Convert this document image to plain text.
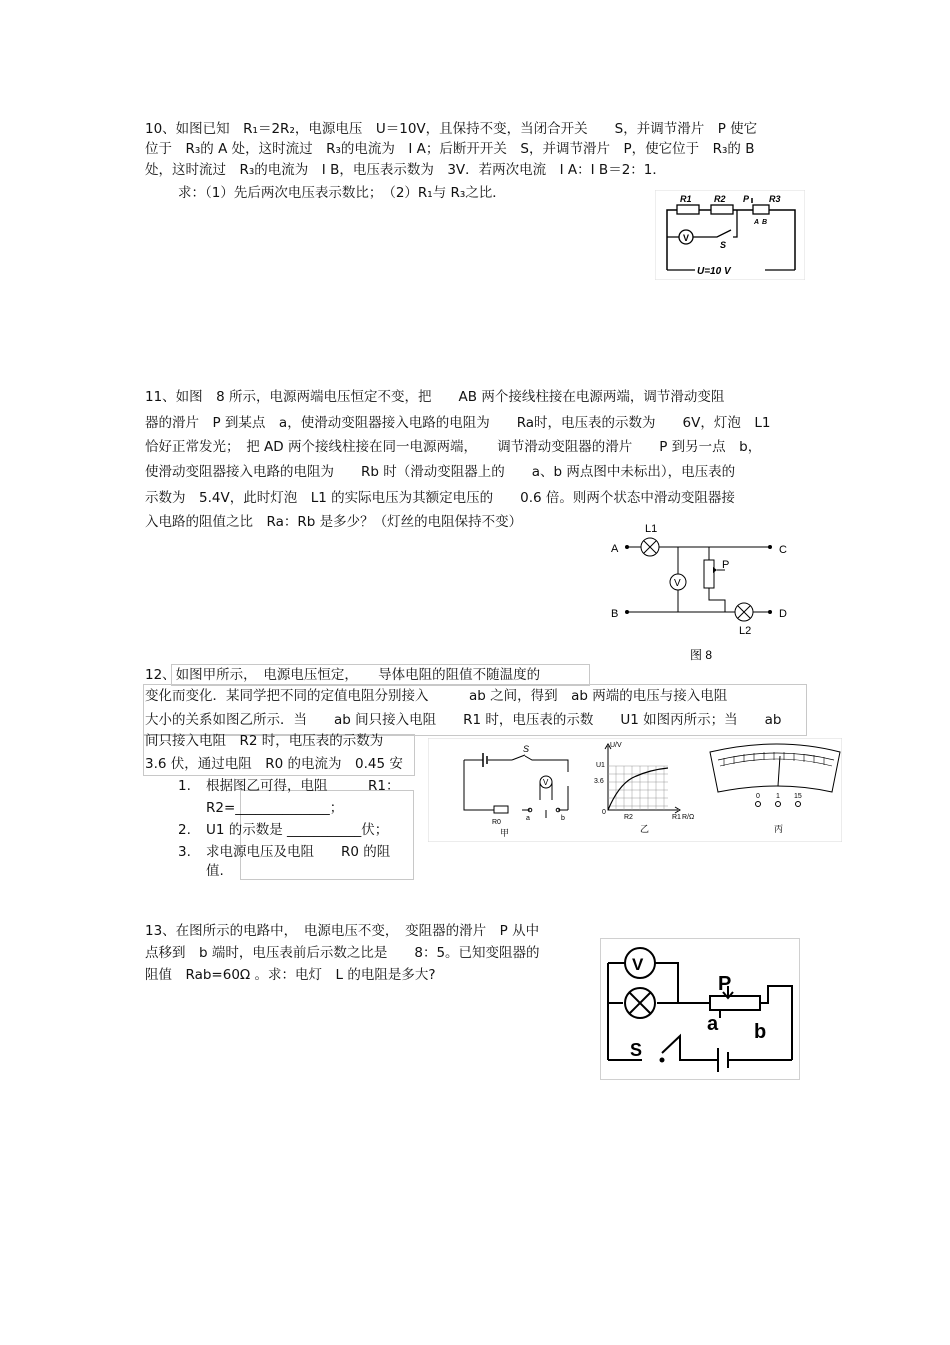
10、如图已知　R₁＝2R₂，电源电压　U＝10V，且保持不变，当闭合开关　　S，并调节滑片　P 使它
位于　R₃的 A 处，这时流过　R₃的电流为　I A；后断开开关　S，并调节滑片　P，使它位于　R₃的 B
处，这时流过　R₃的电流为　I B，电压表示数为　3V．若两次电流　I A：I B＝2：1．
求：（1）先后两次电压表示数比；　（2）R₁与 R₃之比．	R1 R2 P R3
A B
V
S
U=10 V
11、如图　8 所示，电源两端电压恒定不变，把　　AB 两个接线柱接在电源两端，调节滑动变阻
器的滑片　P 到某点　a，使滑动变阻器接入电路的电阻为　　Ra时，电压表的示数为　　6V，灯泡　L1
恰好正常发光；　把 AD 两个接线柱接在同一电源两端，　　调节滑动变阻器的滑片　　P 到另一点　b，
使滑动变阻器接入电路的电阻为　　Rb 时（滑动变阻器上的　　a、b 两点图中未标出），电压表的
示数为　5.4V，此时灯泡　L1 的实际电压为其额定电压的　　0.6 倍。则两个状态中滑动变阻器接
入电路的阻值之比　Ra：Rb 是多少？（灯丝的电阻保持不变）	L1
A
B
C
D
L2
P
V
图 8
12、如图甲所示，　电源电压恒定，　　导体电阻的阻值不随温度的
变化而变化．某同学把不同的定值电阻分别接入　　　ab 之间，得到　ab 两端的电压与接入电阻
大小的关系如图乙所示．当　　ab 间只接入电阻　　R1 时，电压表的示数　　U1 如图丙所示；当　　ab
间只接入电阻　R2 时，电压表的示数为
3.6 伏，通过电阻　R0 的电流为　0.45 安
1. 根据图乙可得，电阻　　　R1：
R2=______________；
2. U1 的示数是 ___________伏；
3. 求电源电压及电阻　　R0 的阻
值.
S
R0
V
a	b
甲
U/V
U1
3.6
0
R2	R1 R/Ω
乙
0 1 15
丙
13、在图所示的电路中，　电源电压不变，　变阻器的滑片　P 从中
点移到　b 端时，电压表前后示数之比是　　8：5。已知变阻器的
阻值　Rab=60Ω 。求：电灯　L 的电阻是多大?
V
P
a b
S
